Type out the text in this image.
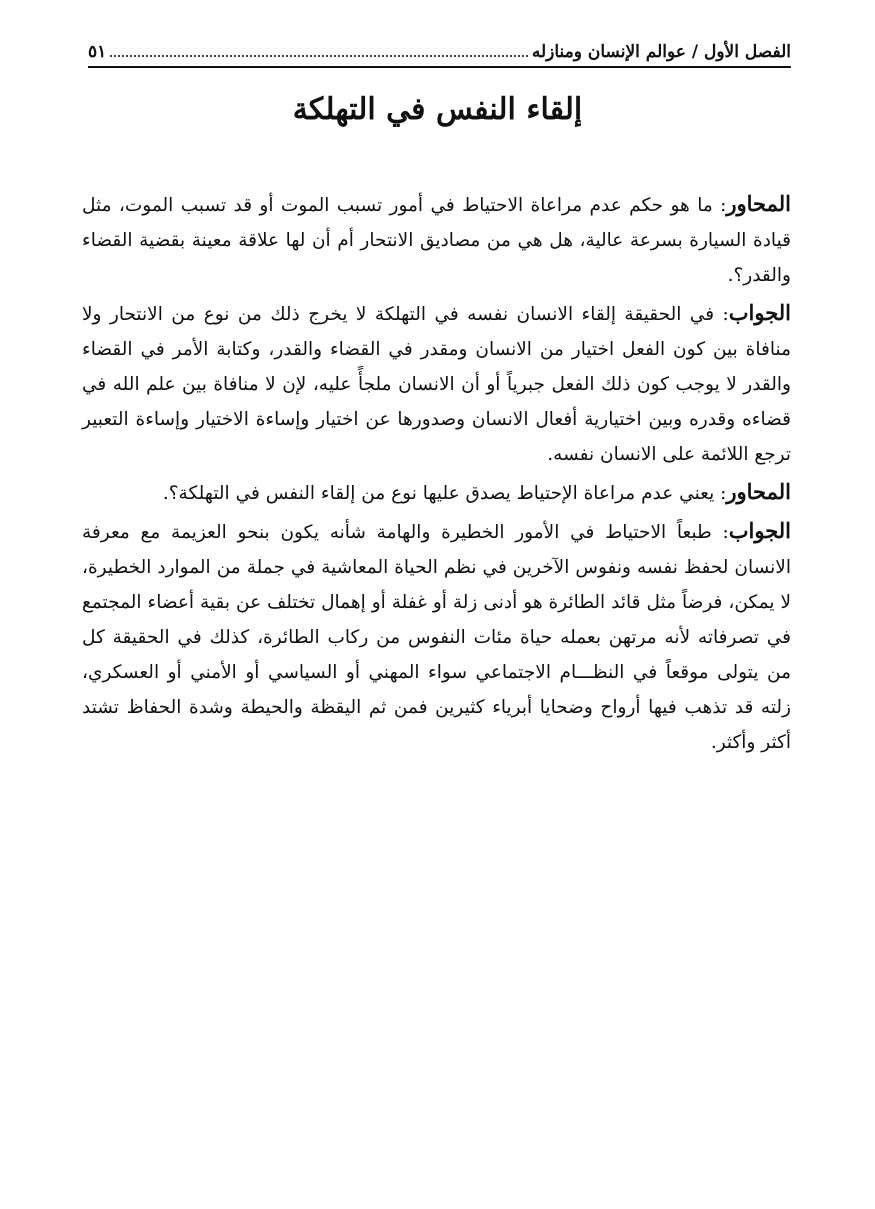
الفصل الأول / عوالم الإنسان ومنازله
٥١
إلقاء النفس في التهلكة

المحاور: ما هو حكم عدم مراعاة الاحتياط في أمور تسبب الموت أو قد تسبب الموت، مثل قيادة السيارة بسرعة عالية، هل هي من مصاديق الانتحار أم أن لها علاقة معينة بقضية القضاء والقدر؟.

الجواب: في الحقيقة إلقاء الانسان نفسه في التهلكة لا يخرج ذلك من نوع من الانتحار ولا منافاة بين كون الفعل اختيار من الانسان ومقدر في القضاء والقدر، وكتابة الأمر في القضاء والقدر لا يوجب كون ذلك الفعل جبرياً أو أن الانسان ملجأً عليه، لإن لا منافاة بين علم الله في قضاءه وقدره وبين اختيارية أفعال الانسان وصدورها عن اختيار وإساءة الاختيار وإساءة التعبير ترجع اللائمة على الانسان نفسه.

المحاور: يعني عدم مراعاة الإحتياط يصدق عليها نوع من إلقاء النفس في التهلكة؟.

الجواب: طبعاً الاحتياط في الأمور الخطيرة والهامة شأنه يكون بنحو العزيمة مع معرفة الانسان لحفظ نفسه ونفوس الآخرين في نظم الحياة المعاشية في جملة من الموارد الخطيرة، لا يمكن، فرضاً مثل قائد الطائرة هو أدنى زلة أو غفلة أو إهمال تختلف عن بقية أعضاء المجتمع في تصرفاته لأنه مرتهن بعمله حياة مئات النفوس من ركاب الطائرة، كذلك في الحقيقة كل من يتولى موقعاً في النظـــام الاجتماعي سواء المهني أو السياسي أو الأمني أو العسكري، زلته قد تذهب فيها أرواح وضحايا أبرياء كثيرين فمن ثم اليقظة والحيطة وشدة الحفاظ تشتد أكثر وأكثر.
